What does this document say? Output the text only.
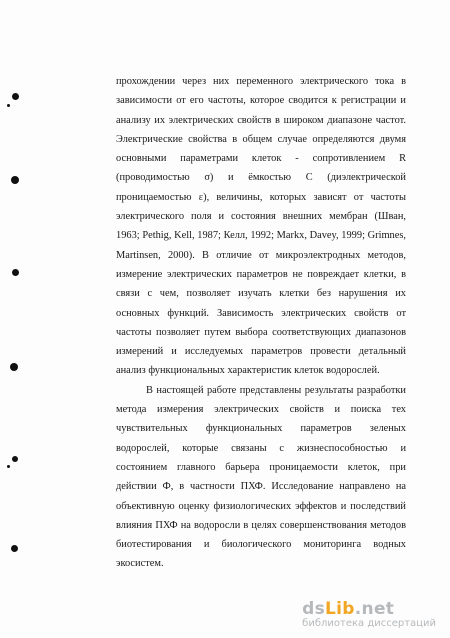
прохождении через них переменного электрического тока в зависимости от его частоты, которое сводится к регистрации и анализу их электрических свойств в широком диапазоне частот. Электрические свойства в общем случае определяются двумя основными параметрами клеток - сопротивлением R (проводимостью σ) и ёмкостью С (диэлектрической проницаемостью ε), величины, которых зависят от частоты электрического поля и состояния внешних мембран (Шван, 1963; Pethig, Kell, 1987; Келл, 1992; Markx, Davey, 1999; Grimnes, Martinsen, 2000). В отличие от микроэлектродных методов, измерение электрических параметров не повреждает клетки, в связи с чем, позволяет изучать клетки без нарушения их основных функций. Зависимость электрических свойств от частоты позволяет путем выбора соответствующих диапазонов измерений и исследуемых параметров провести детальный анализ функциональных характеристик клеток водорослей.

В настоящей работе представлены результаты разработки метода измерения электрических свойств и поиска тех чувствительных функциональных параметров зеленых водорослей, которые связаны с жизнеспособностью и состоянием главного барьера проницаемости клеток, при действии Ф, в частности ПХФ. Исследование направлено на объективную оценку физиологических эффектов и последствий влияния ПХФ на водоросли в целях совершенствования методов биотестирования и биологического мониторинга водных экосистем.

dsLib.net
библиотека диссертаций
